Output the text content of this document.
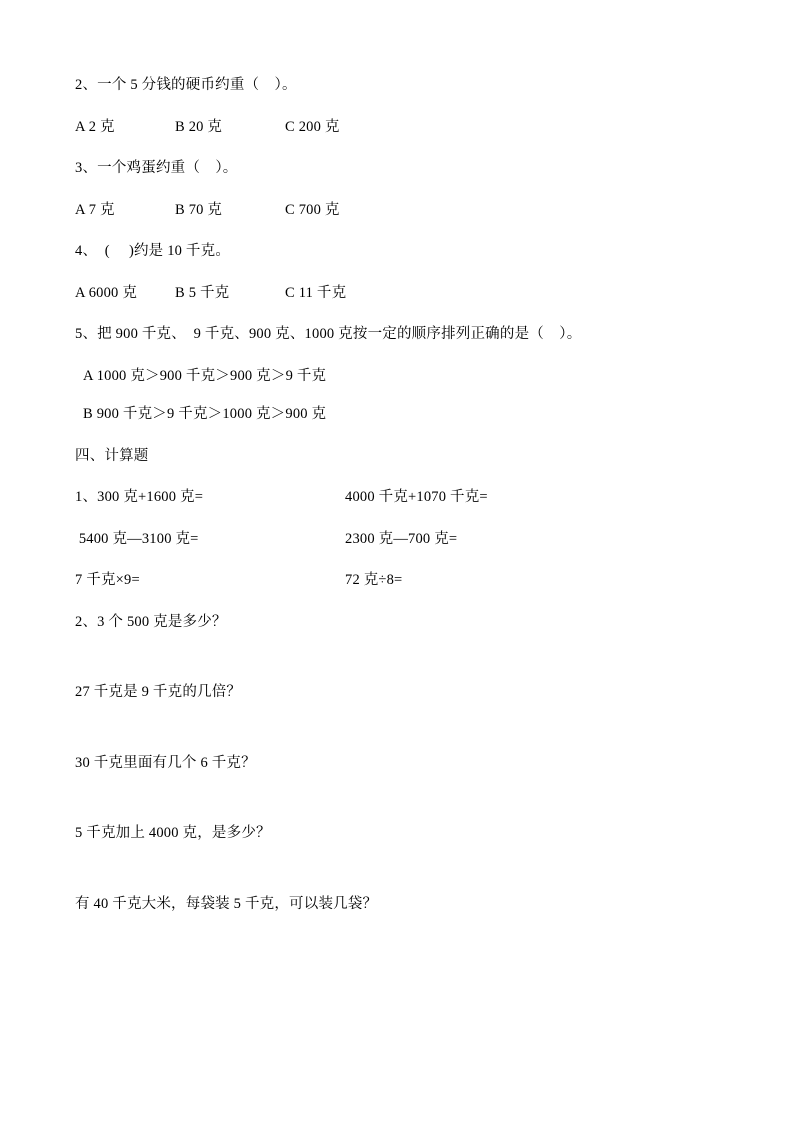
2、一个 5 分钱的硬币约重（    ）。
A 2 克	B 20 克	C 200 克
3、一个鸡蛋约重（    ）。
A 7 克	B 70 克	C 700 克
4、  (     )约是 10 千克。
A 6000 克	B 5 千克	C 11 千克
5、把 900 千克、  9 千克、900 克、1000 克按一定的顺序排列正确的是（    ）。
A 1000 克＞900 千克＞900 克＞9 千克
B 900 千克＞9 千克＞1000 克＞900 克
四、计算题
1、300 克+1600 克=	4000 千克+1070 千克=
5400 克—3100 克=	2300 克—700 克=
7 千克×9=	72 克÷8=
2、3 个 500 克是多少？
27 千克是 9 千克的几倍？
30 千克里面有几个 6 千克？
5 千克加上 4000 克，是多少？
有 40 千克大米，每袋装 5 千克，可以装几袋？
